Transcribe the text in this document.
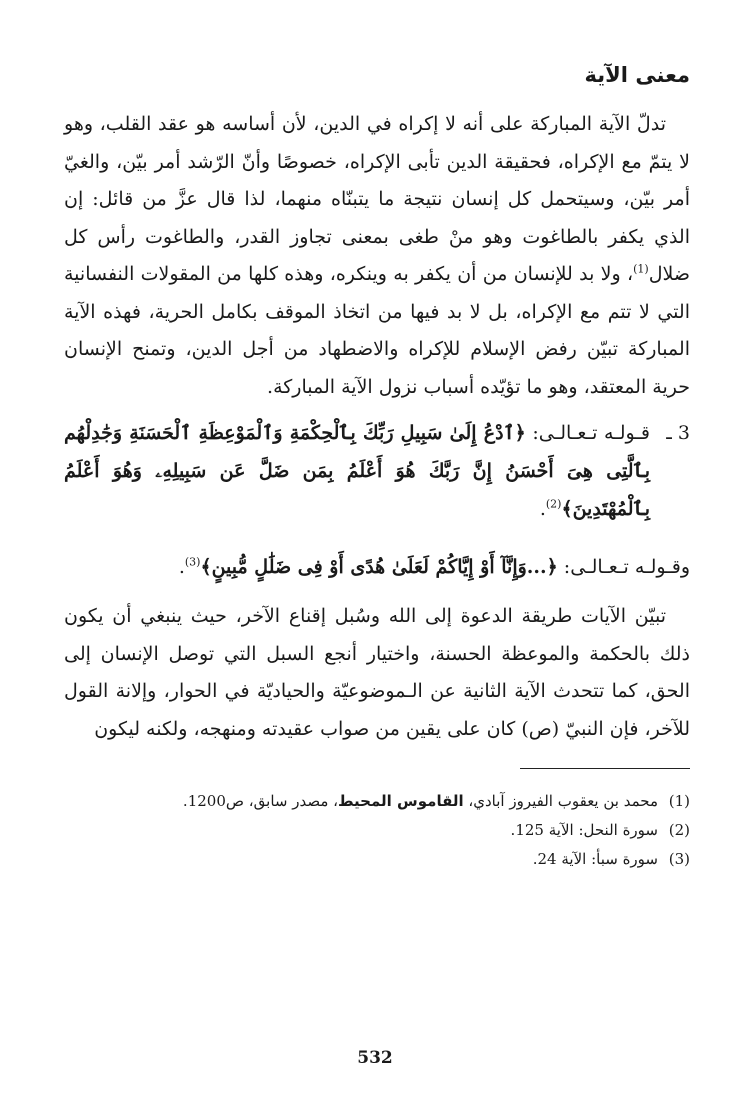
معنى الآية

تدلّ الآية المباركة على أنه لا إكراه في الدين، لأن أساسه هو عقد القلب، وهو لا يتمّ مع الإكراه، فحقيقة الدين تأبى الإكراه، خصوصًا وأنّ الرّشد أمر بيّن، والغيّ أمر بيّن، وسيتحمل كل إنسان نتيجة ما يتبنّاه منهما، لذا قال عزَّ من قائل: إن الذي يكفر بالطاغوت وهو منْ طغى بمعنى تجاوز القدر، والطاغوت رأس كل ضلال$^{(1)}$، ولا بد للإنسان من أن يكفر به وينكره، وهذه كلها من المقولات النفسانية التي لا تتم مع الإكراه، بل لا بد فيها من اتخاذ الموقف بكامل الحرية، فهذه الآية المباركة تبيّن رفض الإسلام للإكراه والاضطهاد من أجل الدين، وتمنح الإنسان حرية المعتقد، وهو ما تؤيّده أسباب نزول الآية المباركة.

3 ـ
قـولـه تـعـالـى: ﴿ٱدْعُ إِلَىٰ سَبِيلِ رَبِّكَ بِٱلْحِكْمَةِ وَٱلْمَوْعِظَةِ ٱلْحَسَنَةِ وَجَٰدِلْهُم بِٱلَّتِى هِىَ أَحْسَنُ إِنَّ رَبَّكَ هُوَ أَعْلَمُ بِمَن ضَلَّ عَن سَبِيلِهِۦ وَهُوَ أَعْلَمُ بِٱلْمُهْتَدِينَ﴾$^{(2)}$.

وقـولـه تـعـالـى: ﴿...وَإِنَّآ أَوْ إِيَّاكُمْ لَعَلَىٰ هُدًى أَوْ فِى ضَلَٰلٍ مُّبِينٍ﴾$^{(3)}$.

تبيّن الآيات طريقة الدعوة إلى الله وسُبل إقناع الآخر، حيث ينبغي أن يكون ذلك بالحكمة والموعظة الحسنة، واختيار أنجع السبل التي توصل الإنسان إلى الحق، كما تتحدث الآية الثانية عن الـموضوعيّة والحياديّة في الحوار، وإلانة القول للآخر، فإن النبيّ (ص) كان على يقين من صواب عقيدته ومنهجه، ولكنه ليكون

(1)محمد بن يعقوب الفيروز آبادي، القاموس المحيط، مصدر سابق، ص1200.
(2)سورة النحل: الآية 125.
(3)سورة سبأ: الآية 24.
532
